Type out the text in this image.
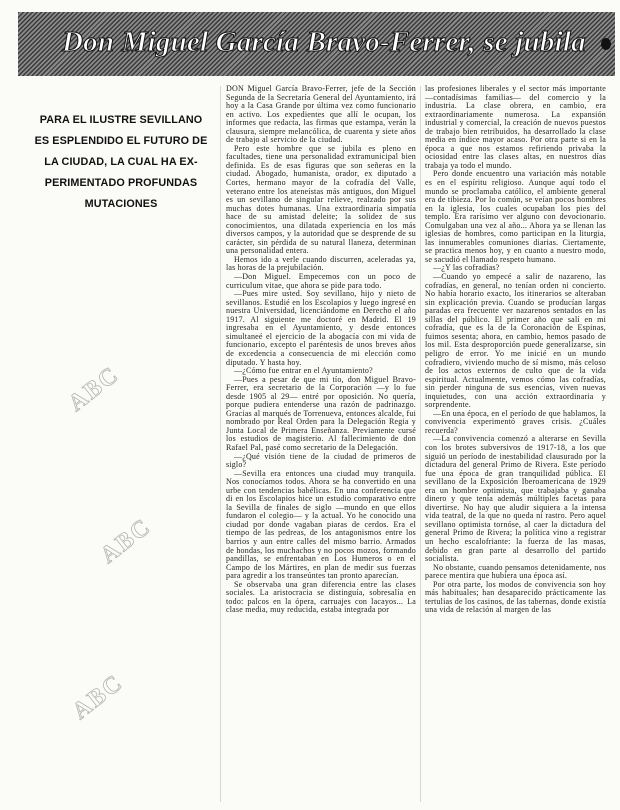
Don Miguel García Bravo-Ferrer, se jubila
PARA EL ILUSTRE SEVILLANO
ES ESPLENDIDO EL FUTURO DE
LA CIUDAD, LA CUAL HA EX-
PERIMENTADO PROFUNDAS
MUTACIONES
ABC
ABC
ABC

DON Miguel García Bravo-Ferrer, jefe de la Sección Segunda de la Secretaría General del Ayuntamiento, irá hoy a la Casa Grande por última vez como funcionario en activo. Los expedientes que allí le ocupan, los informes que redacta, las firmas que estampa, verán la clausura, siempre melancólica, de cuarenta y siete años de trabajo al servicio de la ciudad.

Pero este hombre que se jubila es pleno en facultades, tiene una personalidad extramunicipal bien definida. Es de esas figuras que son señeras en la ciudad. Abogado, humanista, orador, ex diputado a Cortes, hermano mayor de la cofradía del Valle, veterano entre los ateneístas más antiguos, don Miguel es un sevillano de singular relieve, realzado por sus muchas dotes humanas. Una extraordinaria simpatía hace de su amistad deleite; la solidez de sus conocimientos, una dilatada experiencia en los más diversos campos, y la autoridad que se desprende de su carácter, sin pérdida de su natural llaneza, determinan una personalidad entera.

Hemos ido a verle cuando discurren, aceleradas ya, las horas de la prejubilación.

—Don Miguel. Empecemos con un poco de curriculum vitae, que ahora se pide para todo.

—Pues mire usted. Soy sevillano, hijo y nieto de sevillanos. Estudié en los Escolapios y luego ingresé en nuestra Universidad, licenciándome en Derecho el año 1917. Al siguiente me doctoré en Madrid. El 19 ingresaba en el Ayuntamiento, y desde entonces simultaneé el ejercicio de la abogacía con mi vida de funcionario, excepto el paréntesis de unos breves años de excedencia a consecuencia de mi elección como diputado. Y hasta hoy.

—¿Cómo fue entrar en el Ayuntamiento?

—Pues a pesar de que mi tío, don Miguel Bravo-Ferrer, era secretario de la Corporación —y lo fue desde 1905 al 29— entré por oposición. No quería, porque pudiera entenderse una razón de padrinazgo. Gracias al marqués de Torrenueva, entonces alcalde, fui nombrado por Real Orden para la Delegación Regia y Junta Local de Primera Enseñanza. Previamente cursé los estudios de magisterio. Al fallecimiento de don Rafael Pal, pasé como secretario de la Delegación.

—¿Qué visión tiene de la ciudad de primeros de siglo?

—Sevilla era entonces una ciudad muy tranquila. Nos conocíamos todos. Ahora se ha convertido en una urbe con tendencias babélicas. En una conferencia que di en los Escolapios hice un estudio comparativo entre la Sevilla de finales de siglo —mundo en que ellos fundaron el colegio— y la actual. Yo he conocido una ciudad por donde vagaban piaras de cerdos. Era el tiempo de las pedreas, de los antagonismos entre los barrios y aun entre calles del mismo barrio. Armados de hondas, los muchachos y no pocos mozos, formando pandillas, se enfrentaban en Los Humeros o en el Campo de los Mártires, en plan de medir sus fuerzas para agredir a los transeúntes tan pronto aparecían.

Se observaba una gran diferencia entre las clases sociales. La aristocracia se distinguía, sobresalía en todo: palcos en la ópera, carruajes con lacayos... La clase media, muy reducida, estaba integrada por

las profesiones liberales y el sector más importante —contadísimas familias— del comercio y la industria. La clase obrera, en cambio, era extraordinariamente numerosa. La expansión industrial y comercial, la creación de nuevos puestos de trabajo bien retribuidos, ha desarrollado la clase media en índice mayor acaso. Por otra parte si en la época a que nos estamos refiriendo privaba la ociosidad entre las clases altas, en nuestros días trabaja ya todo el mundo.

Pero donde encuentro una variación más notable es en el espíritu religioso. Aunque aquí todo el mundo se proclamaba católico, el ambiente general era de tibieza. Por lo común, se veían pocos hombres en la iglesia, los cuales ocupaban los pies del templo. Era rarísimo ver alguno con devocionario. Comulgaban una vez al año... Ahora ya se llenan las iglesias de hombres, como participan en la liturgia, las innumerables comuniones diarias. Ciertamente, se practica menos hoy, y en cuanto a nuestro modo, se sacudió el llamado respeto humano.

—¿Y las cofradías?

—Cuando yo empecé a salir de nazareno, las cofradías, en general, no tenían orden ni concierto. No había horario exacto, los itinerarios se alteraban sin explicación previa. Cuando se producían largas paradas era frecuente ver nazarenos sentados en las sillas del público. El primer año que salí en mi cofradía, que es la de la Coronación de Espinas, fuimos sesenta; ahora, en cambio, hemos pasado de los mil. Esta desproporción puede generalizarse, sin peligro de error. Yo me inicié en un mundo cofradiero, viviendo mucho de sí mismo, más celoso de los actos externos de culto que de la vida espiritual. Actualmente, vemos cómo las cofradías, sin perder ninguna de sus esencias, viven nuevas inquietudes, con una acción extraordinaria y sorprendente.

—En una época, en el período de que hablamos, la convivencia experimentó graves crisis. ¿Cuáles recuerda?

—La convivencia comenzó a alterarse en Sevilla con los brotes subversivos de 1917-18, a los que siguió un período de inestabilidad clausurado por la dictadura del general Primo de Rivera. Este período fue una época de gran tranquilidad pública. El sevillano de la Exposición Iberoamericana de 1929 era un hombre optimista, que trabajaba y ganaba dinero y que tenía además múltiples facetas para divertirse. No hay que aludir siquiera a la intensa vida teatral, de la que no queda ni rastro. Pero aquel sevillano optimista tornóse, al caer la dictadura del general Primo de Rivera; la política vino a registrar un hecho escalofriante: la fuerza de las masas, debido en gran parte al desarrollo del partido socialista.

No obstante, cuando pensamos detenidamente, nos parece mentira que hubiera una época así.

Por otra parte, los modos de convivencia son hoy más habituales; han desaparecido prácticamente las tertulias de los casinos, de las tabernas, donde existía una vida de relación al margen de las
